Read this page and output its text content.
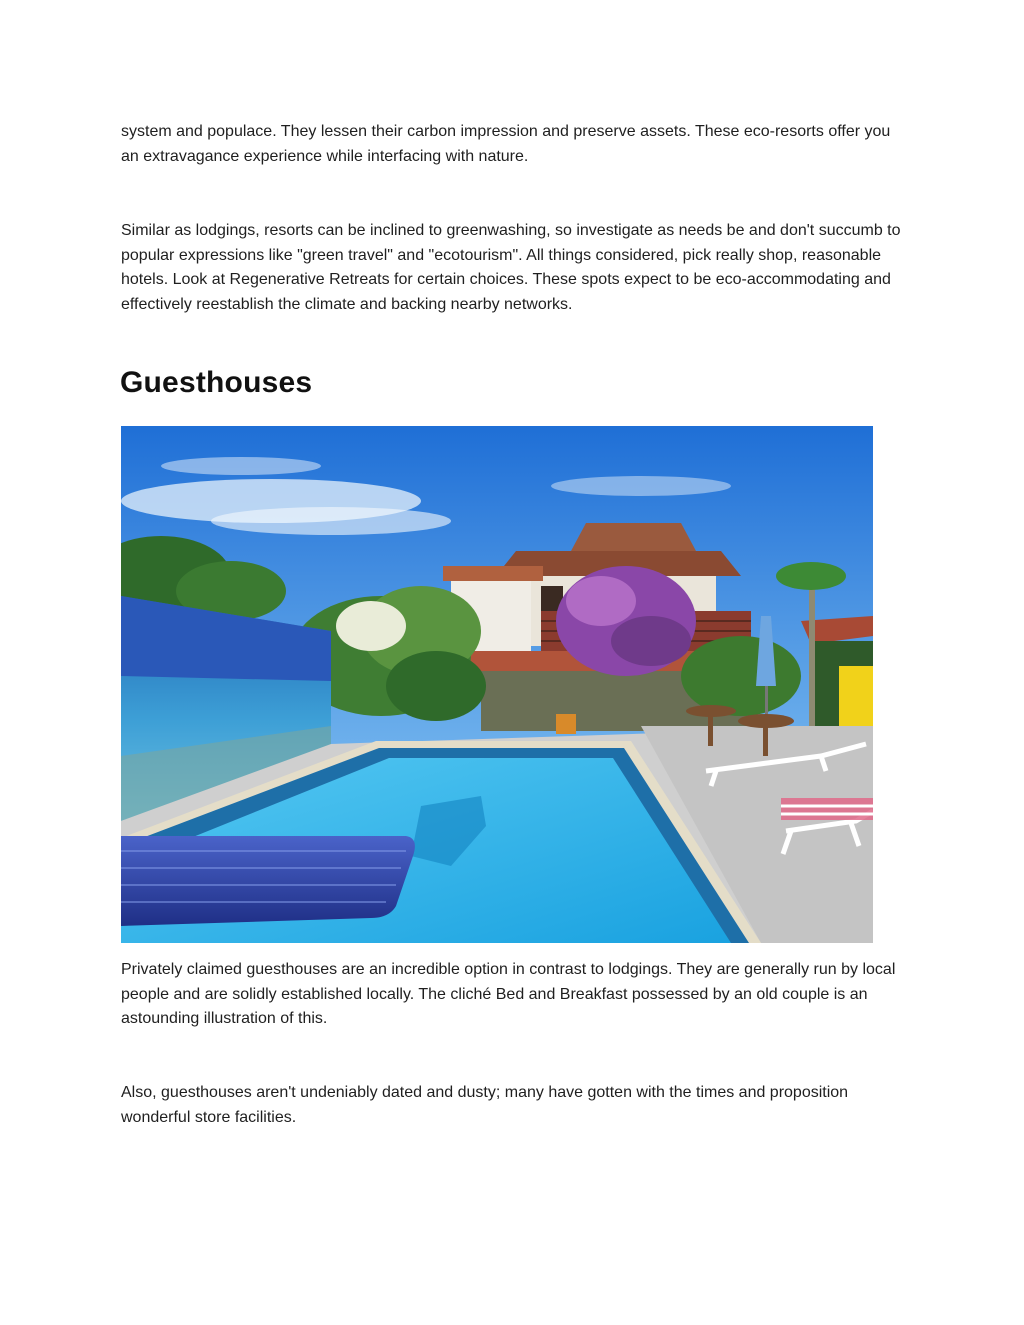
system and populace. They lessen their carbon impression and preserve assets. These eco-resorts offer you an extravagance experience while interfacing with nature.

Similar as lodgings, resorts can be inclined to greenwashing, so investigate as needs be and don't succumb to popular expressions like "green travel" and "ecotourism". All things considered, pick really shop, reasonable hotels. Look at Regenerative Retreats for certain choices. These spots expect to be eco-accommodating and effectively reestablish the climate and backing nearby networks.

Guesthouses

Privately claimed guesthouses are an incredible option in contrast to lodgings. They are generally run by local people and are solidly established locally. The cliché Bed and Breakfast possessed by an old couple is an astounding illustration of this.

Also, guesthouses aren't undeniably dated and dusty; many have gotten with the times and proposition wonderful store facilities.
